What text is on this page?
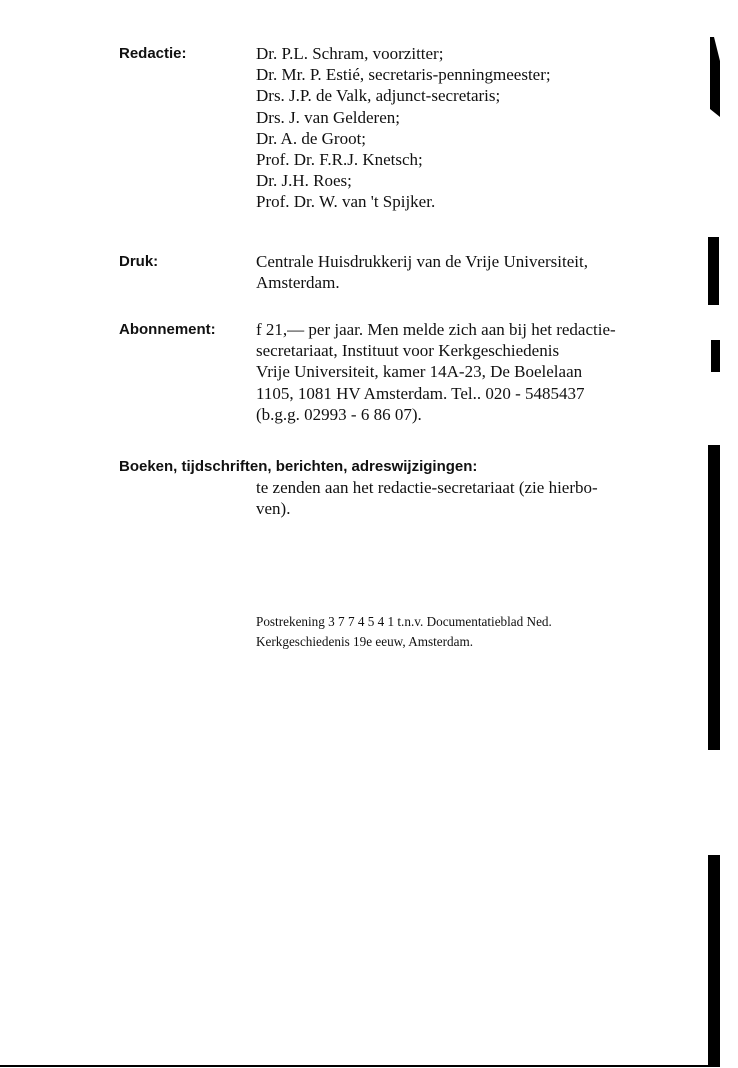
Redactie:	Dr. P.L. Schram, voorzitter;
Dr. Mr. P. Estié, secretaris-penningmeester;
Drs. J.P. de Valk, adjunct-secretaris;
Drs. J. van Gelderen;
Dr. A. de Groot;
Prof. Dr. F.R.J. Knetsch;
Dr. J.H. Roes;
Prof. Dr. W. van 't Spijker.
Druk:	Centrale Huisdrukkerij van de Vrije Universiteit,
Amsterdam.
Abonnement: f 21,— per jaar. Men melde zich aan bij het redactie-
secretariaat, Instituut voor Kerkgeschiedenis
Vrije Universiteit, kamer 14A-23, De Boelelaan
1105, 1081 HV Amsterdam. Tel.. 020 - 5485437
(b.g.g. 02993 - 6 86 07).
Boeken, tijdschriften, berichten, adreswijzigingen:
te zenden aan het redactie-secretariaat (zie hierbo-
ven).
Postrekening 3 7 7 4 5 4 1 t.n.v. Documentatieblad Ned.
Kerkgeschiedenis 19e eeuw, Amsterdam.
